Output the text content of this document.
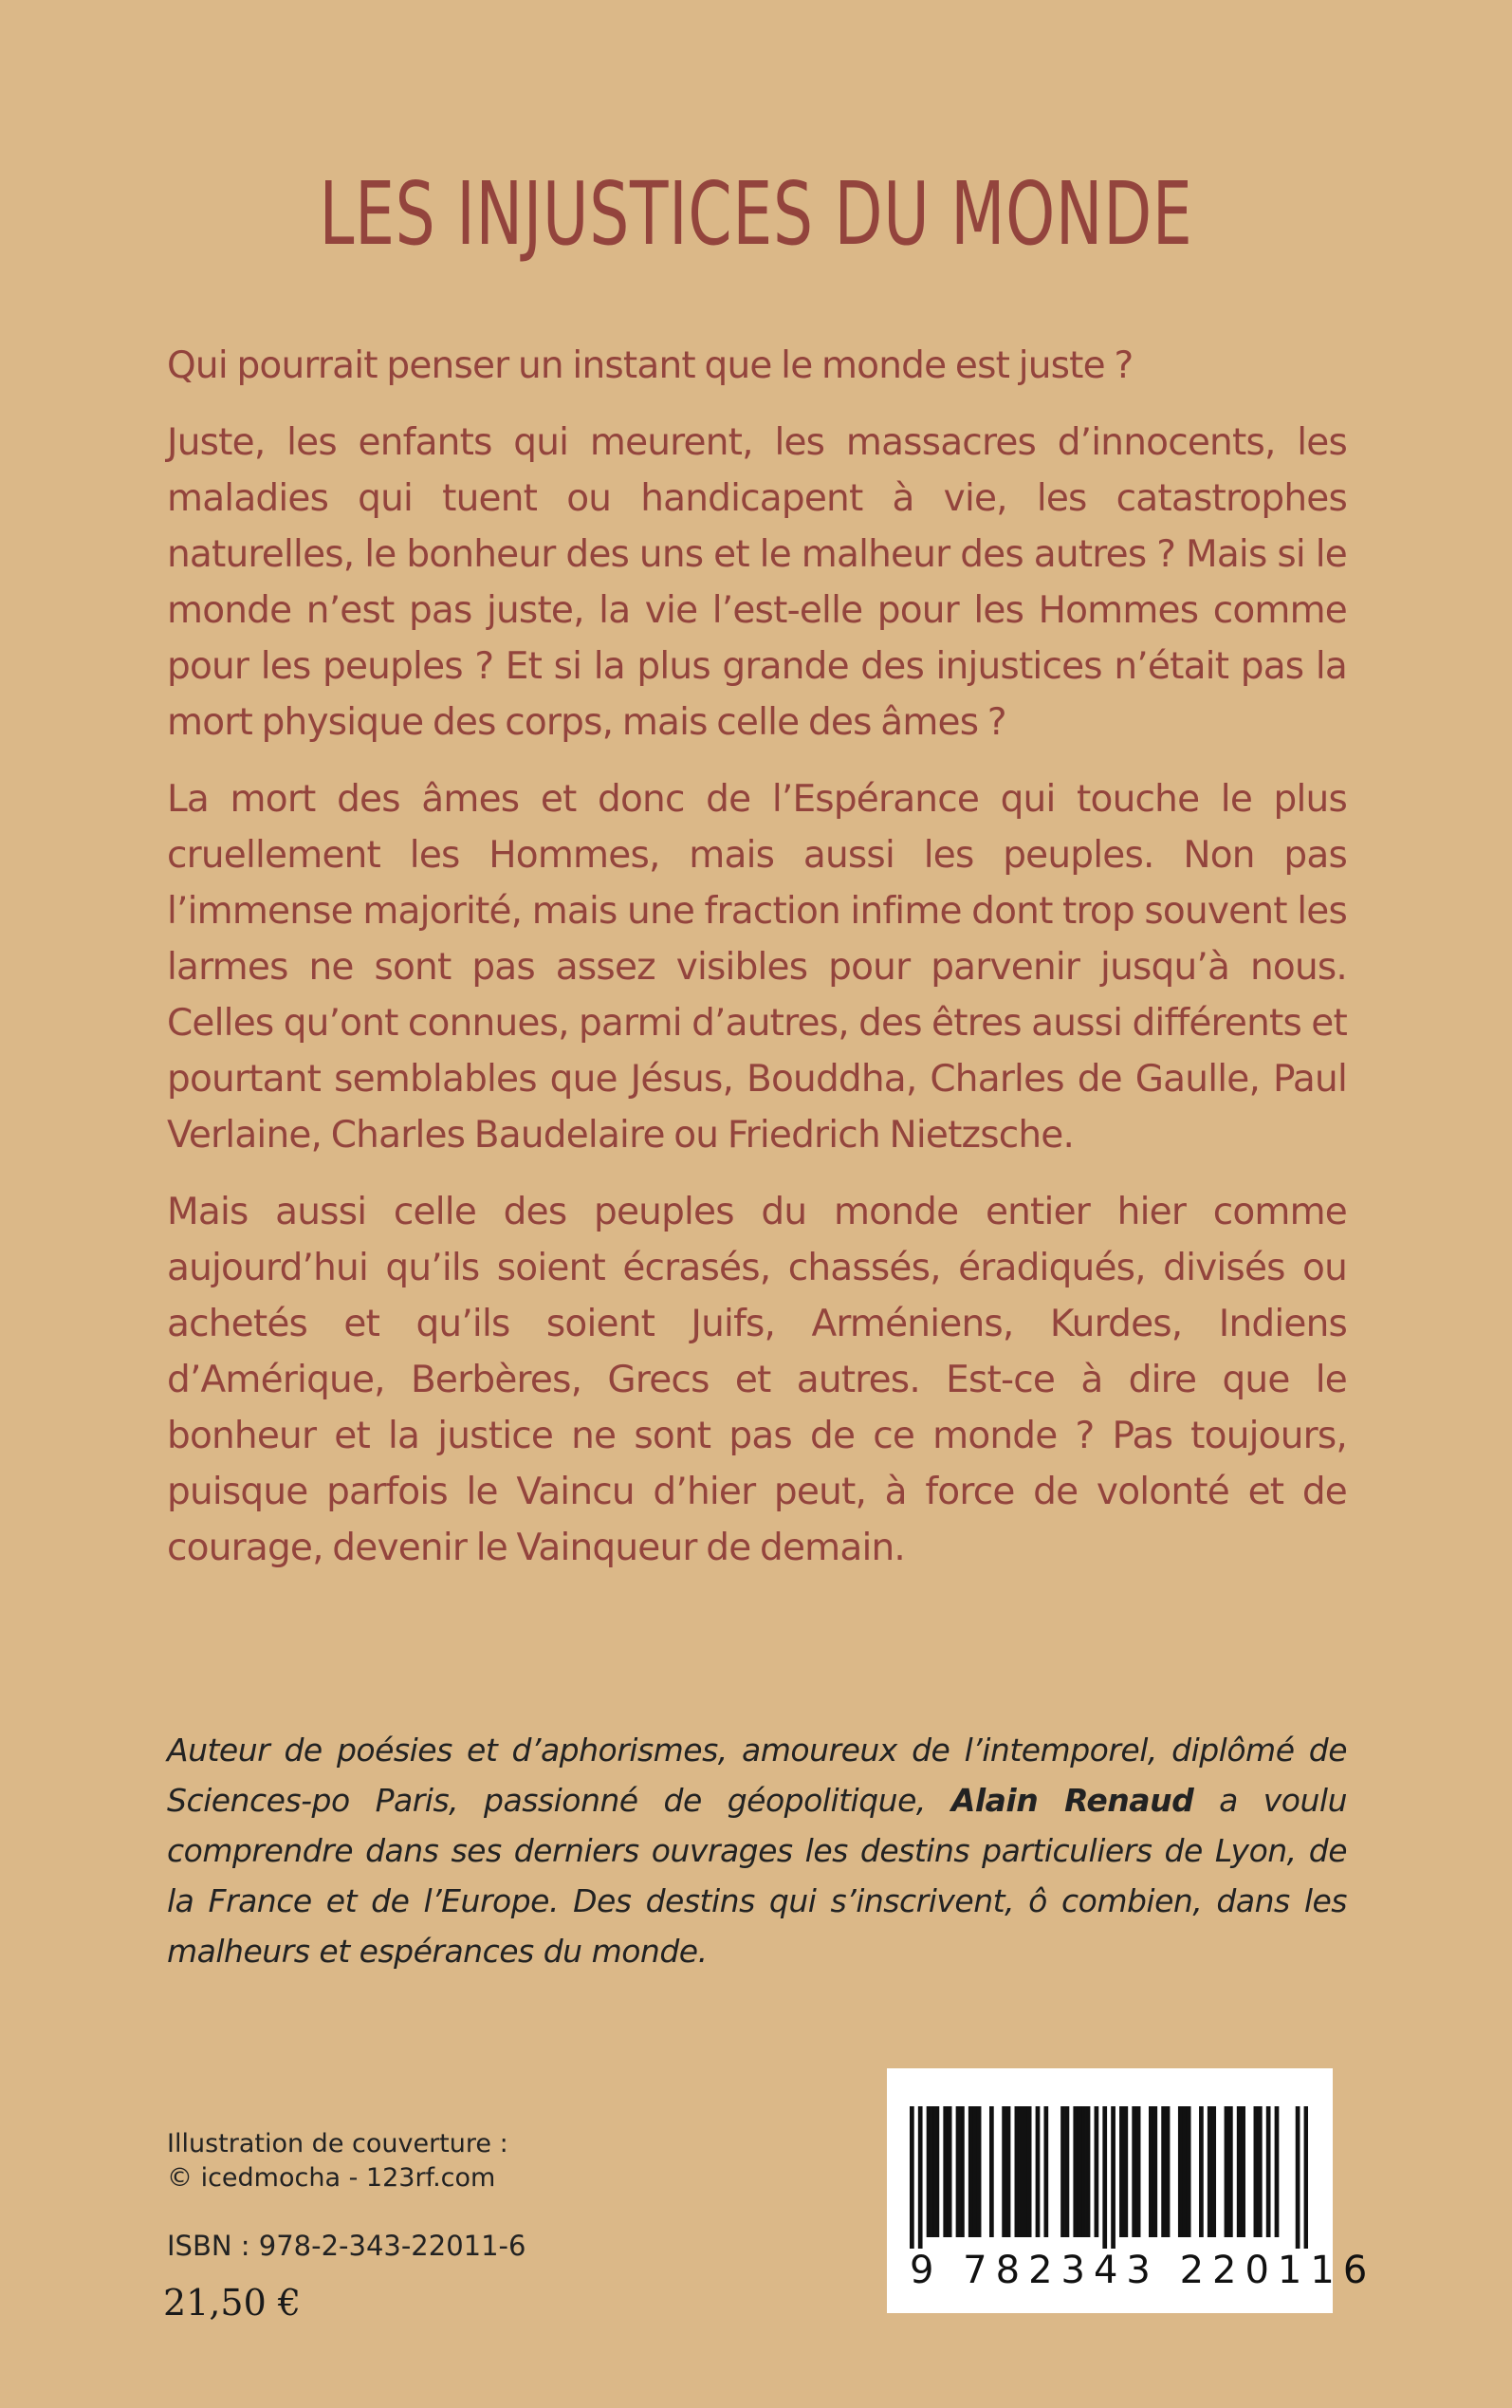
LES INJUSTICES DU MONDE

Qui pourrait penser un instant que le monde est juste ?

Juste, les enfants qui meurent, les massacres d’innocents, les maladies qui tuent ou handicapent à vie, les catastrophes naturelles, le bonheur des uns et le malheur des autres ? Mais si le monde n’est pas juste, la vie l’est-elle pour les Hommes comme pour les peuples ? Et si la plus grande des injustices n’était pas la mort physique des corps, mais celle des âmes ?

La mort des âmes et donc de l’Espérance qui touche le plus cruellement les Hommes, mais aussi les peuples. Non pas l’immense majorité, mais une fraction infime dont trop souvent les larmes ne sont pas assez visibles pour parvenir jusqu’à nous. Celles qu’ont connues, parmi d’autres, des êtres aussi différents et pourtant semblables que Jésus, Bouddha, Charles de Gaulle, Paul Verlaine, Charles Baudelaire ou Friedrich Nietzsche.

Mais aussi celle des peuples du monde entier hier comme aujourd’hui qu’ils soient écrasés, chassés, éradiqués, divisés ou achetés et qu’ils soient Juifs, Arméniens, Kurdes, Indiens d’Amérique, Berbères, Grecs et autres. Est-ce à dire que le bonheur et la justice ne sont pas de ce monde ? Pas toujours, puisque parfois le Vaincu d’hier peut, à force de volonté et de courage, devenir le Vainqueur de demain.

Auteur de poésies et d’aphorismes, amoureux de l’intemporel, diplômé de Sciences-po Paris, passionné de géopolitique, Alain Renaud a voulu comprendre dans ses derniers ouvrages les destins particuliers de Lyon, de la France et de l’Europe. Des destins qui s’inscrivent, ô combien, dans les malheurs et espérances du monde.

Illustration de couverture :
© icedmocha - 123rf.com
ISBN : 978-2-343-22011-6
21,50 €
9 782343 220116
